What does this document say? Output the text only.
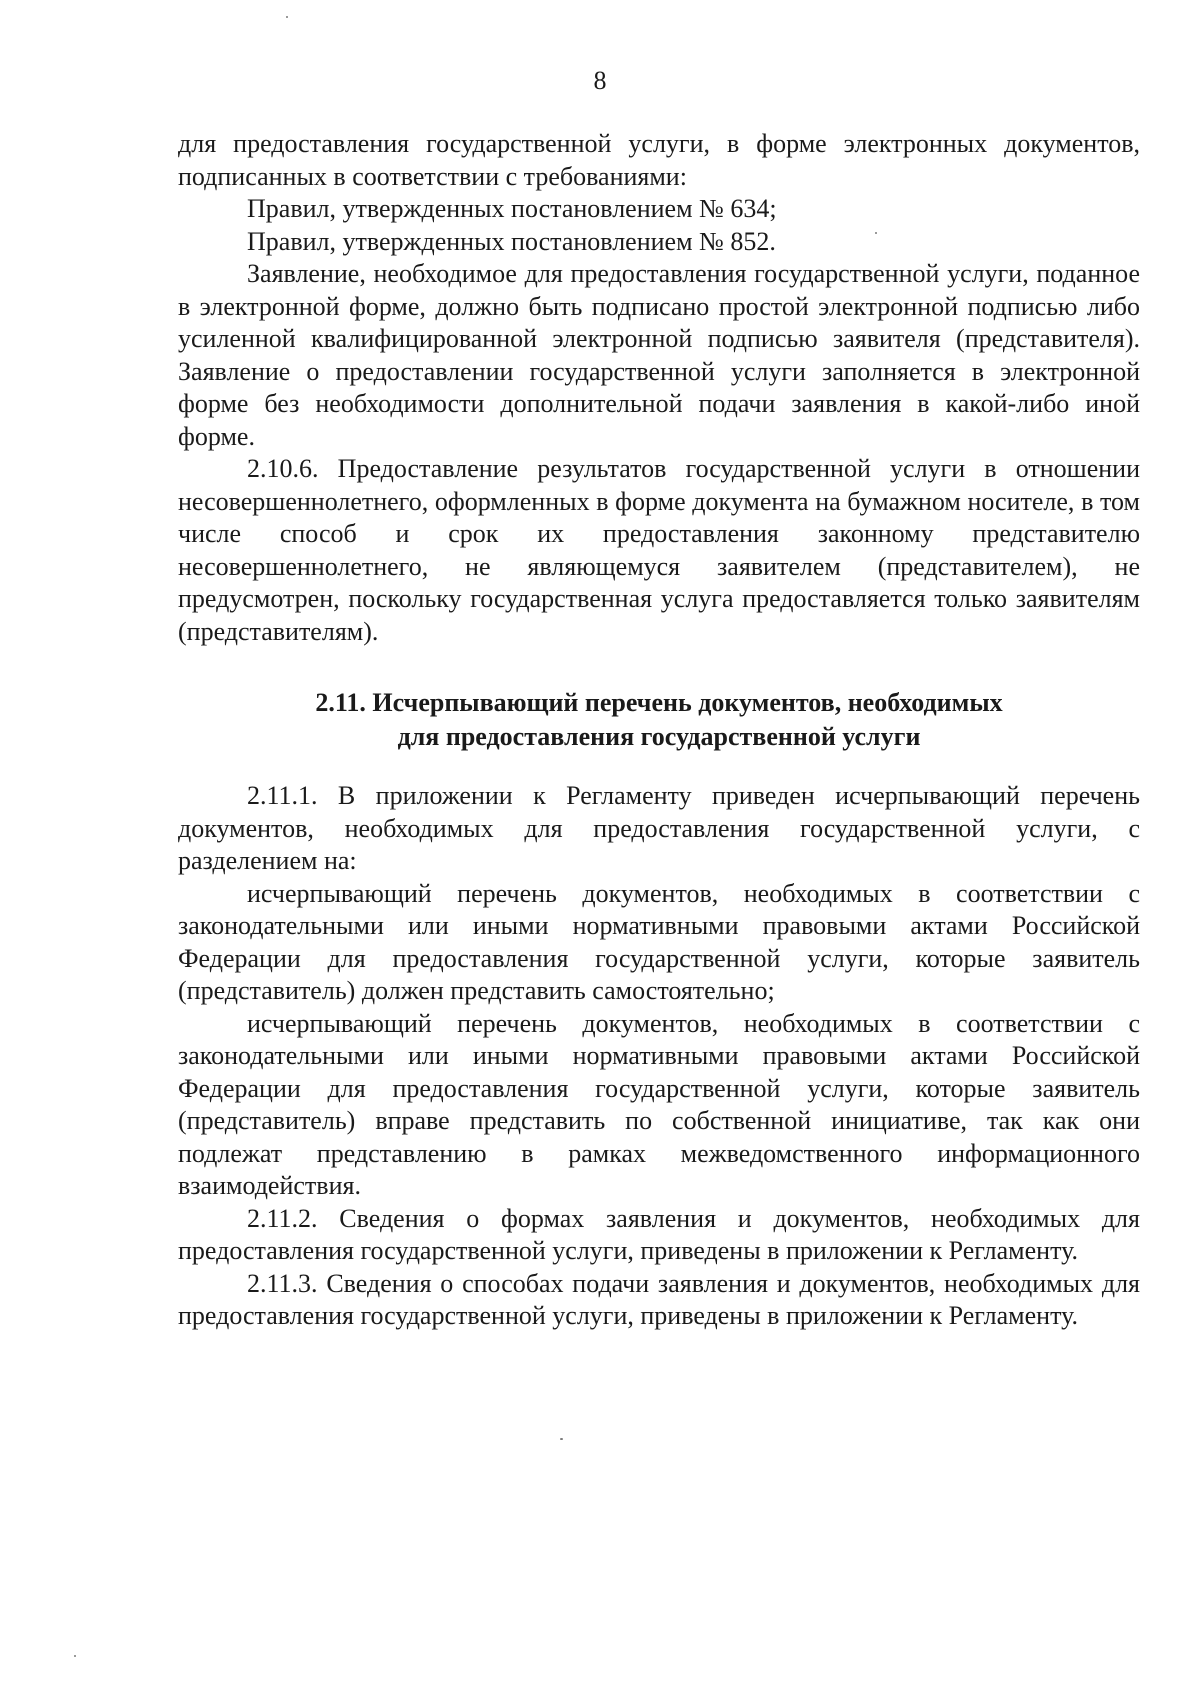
8

для предоставления государственной услуги, в форме электронных документов, подписанных в соответствии с требованиями:

Правил, утвержденных постановлением № 634;

Правил, утвержденных постановлением № 852.

Заявление, необходимое для предоставления государственной услуги, поданное в электронной форме, должно быть подписано простой электронной подписью либо усиленной квалифицированной электронной подписью заявителя (представителя). Заявление о предоставлении государственной услуги заполняется в электронной форме без необходимости дополнительной подачи заявления в какой-либо иной форме.

2.10.6. Предоставление результатов государственной услуги в отношении несовершеннолетнего, оформленных в форме документа на бумажном носителе, в том числе способ и срок их предоставления законному представителю несовершеннолетнего, не являющемуся заявителем (представителем), не предусмотрен, поскольку государственная услуга предоставляется только заявителям (представителям).

2.11. Исчерпывающий перечень документов, необходимых
для предоставления государственной услуги

2.11.1. В приложении к Регламенту приведен исчерпывающий перечень документов, необходимых для предоставления государственной услуги, с разделением на:

исчерпывающий перечень документов, необходимых в соответствии с законодательными или иными нормативными правовыми актами Российской Федерации для предоставления государственной услуги, которые заявитель (представитель) должен представить самостоятельно;

исчерпывающий перечень документов, необходимых в соответствии с законодательными или иными нормативными правовыми актами Российской Федерации для предоставления государственной услуги, которые заявитель (представитель) вправе представить по собственной инициативе, так как они подлежат представлению в рамках межведомственного информационного взаимодействия.

2.11.2. Сведения о формах заявления и документов, необходимых для предоставления государственной услуги, приведены в приложении к Регламенту.

2.11.3. Сведения о способах подачи заявления и документов, необходимых для предоставления государственной услуги, приведены в приложении к Регламенту.
